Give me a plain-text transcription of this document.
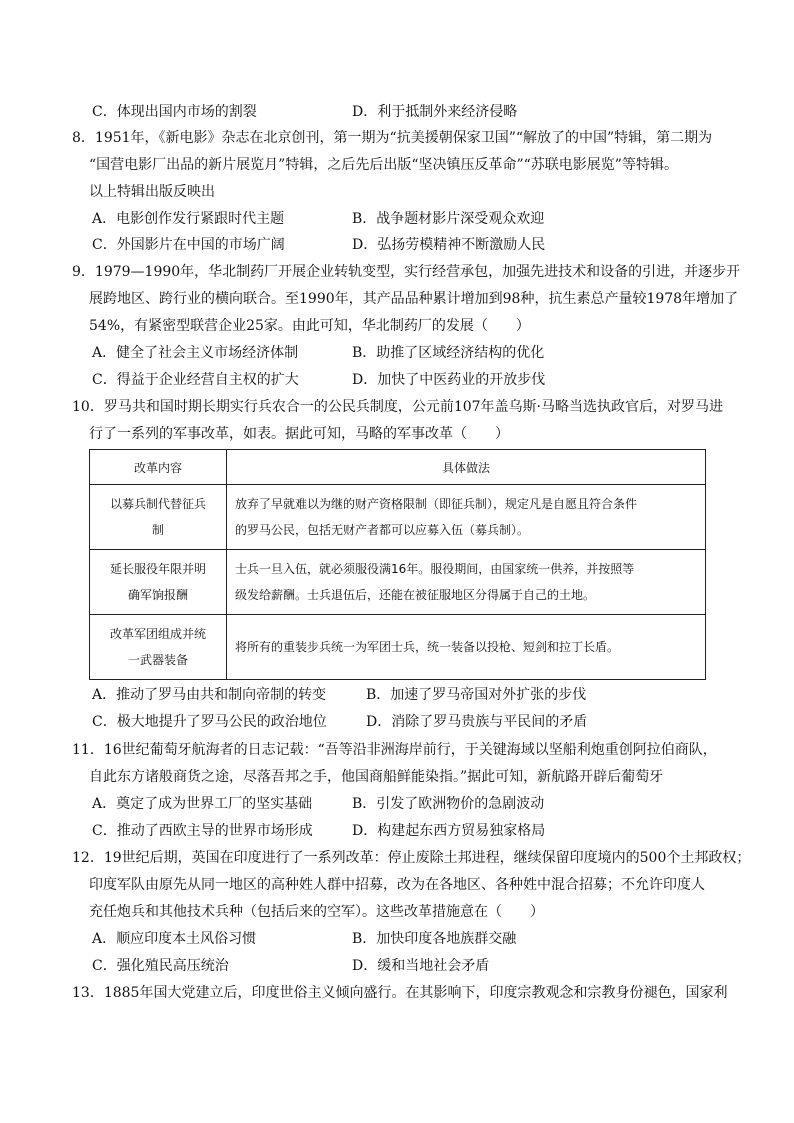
C．体现出国内市场的割裂	D．利于抵制外来经济侵略
8．1951年，《新电影》杂志在北京创刊，第一期为“抗美援朝保家卫国”“解放了的中国”特辑，第二期为
“国营电影厂出品的新片展览月”特辑，之后先后出版“坚决镇压反革命”“苏联电影展览”等特辑。
以上特辑出版反映出
A．电影创作发行紧跟时代主题	B．战争题材影片深受观众欢迎
C．外国影片在中国的市场广阔	D．弘扬劳模精神不断激励人民
9．1979—1990年，华北制药厂开展企业转轨变型，实行经营承包，加强先进技术和设备的引进，并逐步开
展跨地区、跨行业的横向联合。至1990年，其产品品种累计增加到98种，抗生素总产量较1978年增加了
54%，有紧密型联营企业25家。由此可知，华北制药厂的发展（　　）
A．健全了社会主义市场经济体制	B．助推了区域经济结构的优化
C．得益于企业经营自主权的扩大	D．加快了中医药业的开放步伐
10．罗马共和国时期长期实行兵农合一的公民兵制度，公元前107年盖乌斯·马略当选执政官后，对罗马进
行了一系列的军事改革，如表。据此可知，马略的军事改革（　　）
改革内容	具体做法
以募兵制代替征兵
制	放弃了早就难以为继的财产资格限制（即征兵制），规定凡是自愿且符合条件
的罗马公民，包括无财产者都可以应募入伍（募兵制）。
延长服役年限并明
确军饷报酬	士兵一旦入伍，就必须服役满16年。服役期间，由国家统一供养，并按照等
级发给薪酬。士兵退伍后，还能在被征服地区分得属于自己的土地。
改革军团组成并统
一武器装备	将所有的重装步兵统一为军团士兵，统一装备以投枪、短剑和拉丁长盾。
A．推动了罗马由共和制向帝制的转变	B．加速了罗马帝国对外扩张的步伐
C．极大地提升了罗马公民的政治地位	D．消除了罗马贵族与平民间的矛盾
11．16世纪葡萄牙航海者的日志记载：“吾等沿非洲海岸前行，于关键海域以坚船利炮重创阿拉伯商队，
自此东方诸般商货之途，尽落吾邦之手，他国商船鲜能染指。”据此可知，新航路开辟后葡萄牙
A．奠定了成为世界工厂的坚实基础	B．引发了欧洲物价的急剧波动
C．推动了西欧主导的世界市场形成	D．构建起东西方贸易独家格局
12．19世纪后期，英国在印度进行了一系列改革：停止废除土邦进程，继续保留印度境内的500个土邦政权；
印度军队由原先从同一地区的高种姓人群中招募，改为在各地区、各种姓中混合招募；不允许印度人
充任炮兵和其他技术兵种（包括后来的空军）。这些改革措施意在（　　）
A．顺应印度本土风俗习惯	B．加快印度各地族群交融
C．强化殖民高压统治	D．缓和当地社会矛盾
13．1885年国大党建立后，印度世俗主义倾向盛行。在其影响下，印度宗教观念和宗教身份褪色，国家利
